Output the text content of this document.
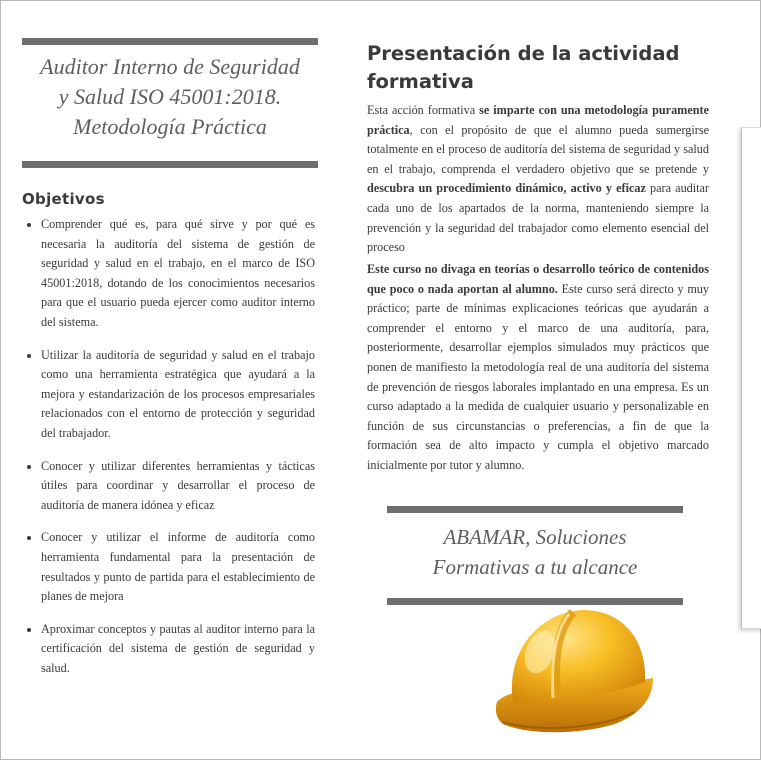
Auditor Interno de Seguridad
y Salud ISO 45001:2018.
Metodología Práctica
Objetivos
• Comprender qué es, para qué sirve y por qué es necesaria la auditoría del sistema de gestión de seguridad y salud en el trabajo, en el marco de ISO 45001:2018, dotando de los conocimientos necesarios para que el usuario pueda ejercer como auditor interno del sistema.
• Utilizar la auditoría de seguridad y salud en el trabajo como una herramienta estratégica que ayudará a la mejora y estandarización de los procesos empresariales relacionados con el entorno de protección y seguridad del trabajador.
• Conocer y utilizar diferentes herramientas y tácticas útiles para coordinar y desarrollar el proceso de auditoría de manera idónea y eficaz
• Conocer y utilizar el informe de auditoría como herramienta fundamental para la presentación de resultados y punto de partida para el establecimiento de planes de mejora
• Aproximar conceptos y pautas al auditor interno para la certificación del sistema de gestión de seguridad y salud.
Presentación de la actividad formativa

Esta acción formativa se imparte con una metodología puramente práctica, con el propósito de que el alumno pueda sumergirse totalmente en el proceso de auditoría del sistema de seguridad y salud en el trabajo, comprenda el verdadero objetivo que se pretende y descubra un procedimiento dinámico, activo y eficaz para auditar cada uno de los apartados de la norma, manteniendo siempre la prevención y la seguridad del trabajador como elemento esencial del proceso

Este curso no divaga en teorías o desarrollo teórico de contenidos que poco o nada aportan al alumno. Este curso será directo y muy práctico; parte de mínimas explicaciones teóricas que ayudarán a comprender el entorno y el marco de una auditoría, para, posteriormente, desarrollar ejemplos simulados muy prácticos que ponen de manifiesto la metodología real de una auditoría del sistema de prevención de riesgos laborales implantado en una empresa. Es un curso adaptado a la medida de cualquier usuario y personalizable en función de sus circunstancias o preferencias, a fin de que la formación sea de alto impacto y cumpla el objetivo marcado inicialmente por tutor y alumno.

ABAMAR, Soluciones
Formativas a tu alcance
